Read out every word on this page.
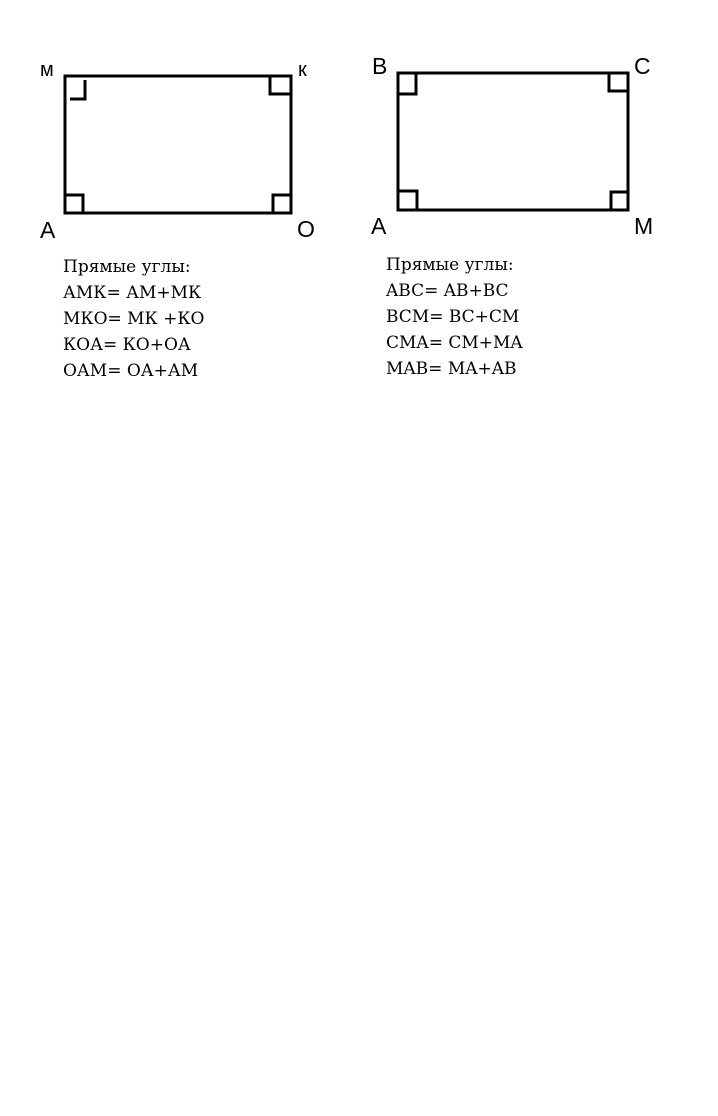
м	к
А	О
B	C
A	M
Прямые углы:
АМК= АМ+МК
МКО= МК +КО
КОА= КО+ОА
ОАМ= ОА+АМ
Прямые углы:
ABC= AB+BC
BCM= BC+CM
CMA= CM+MA
MAB= MA+AB
